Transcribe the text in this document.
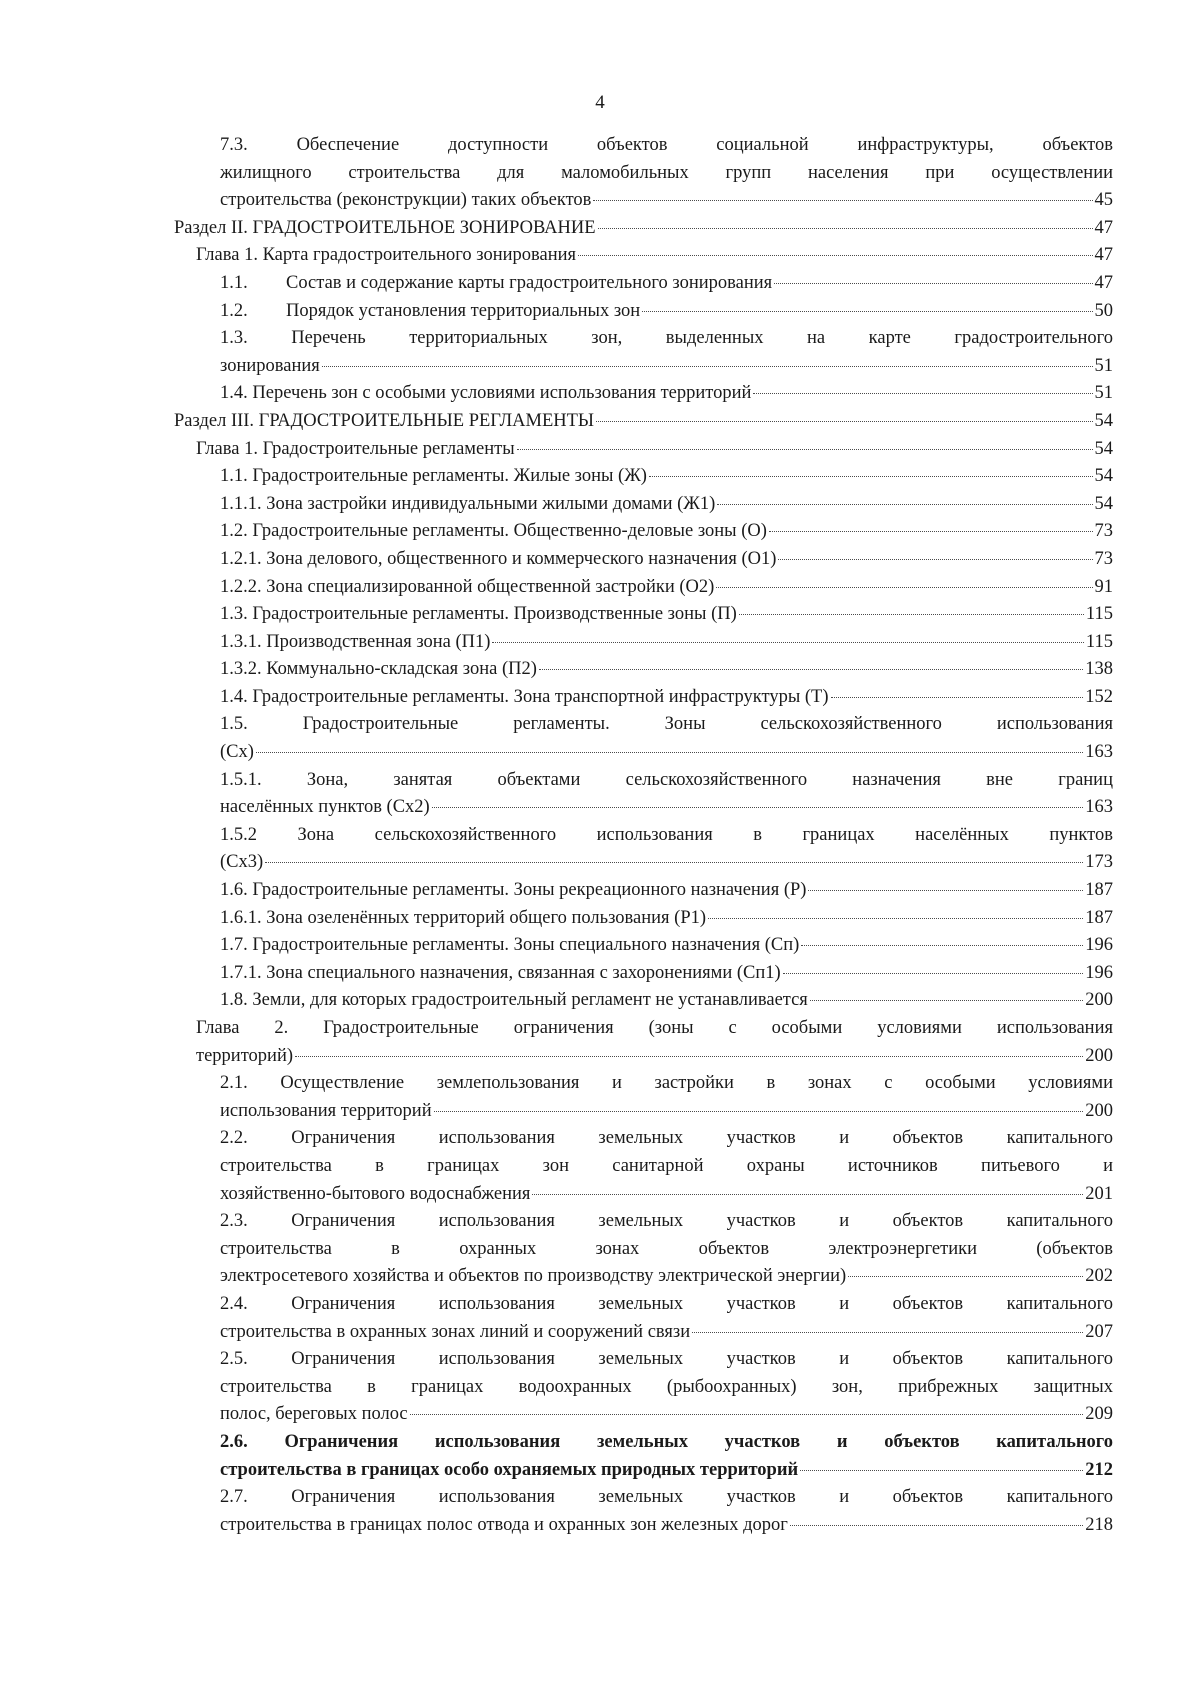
4
7.3. Обеспечение доступности объектов социальной инфраструктуры, объектов
жилищного строительства для маломобильных групп населения при осуществлении
строительства (реконструкции) таких объектов	45
Раздел II. ГРАДОСТРОИТЕЛЬНОЕ ЗОНИРОВАНИЕ	47
Глава 1. Карта градостроительного зонирования	47
1.1.	Состав и содержание карты градостроительного зонирования	47
1.2.	Порядок установления территориальных зон	50
1.3. Перечень территориальных зон, выделенных на карте градостроительного
зонирования	51
1.4. Перечень зон с особыми условиями использования территорий	51
Раздел III. ГРАДОСТРОИТЕЛЬНЫЕ РЕГЛАМЕНТЫ	54
Глава 1. Градостроительные регламенты	54
1.1. Градостроительные регламенты. Жилые зоны (Ж)	54
1.1.1. Зона застройки индивидуальными жилыми домами (Ж1)	54
1.2. Градостроительные регламенты. Общественно-деловые зоны (О)	73
1.2.1. Зона делового, общественного и коммерческого назначения (О1)	73
1.2.2. Зона специализированной общественной застройки (О2)	91
1.3. Градостроительные регламенты. Производственные зоны (П)	115
1.3.1. Производственная зона (П1)	115
1.3.2. Коммунально-складская зона (П2)	138
1.4. Градостроительные регламенты. Зона транспортной инфраструктуры (Т)	152
1.5. Градостроительные регламенты. Зоны сельскохозяйственного использования
(Сх)	163
1.5.1. Зона, занятая объектами сельскохозяйственного назначения вне границ
населённых пунктов (Сх2)	163
1.5.2 Зона сельскохозяйственного использования в границах населённых пунктов
(Сх3)	173
1.6. Градостроительные регламенты. Зоны рекреационного назначения (Р)	187
1.6.1. Зона озеленённых территорий общего пользования (Р1)	187
1.7. Градостроительные регламенты. Зоны специального назначения (Сп)	196
1.7.1. Зона специального назначения, связанная с захоронениями (Сп1)	196
1.8. Земли, для которых градостроительный регламент не устанавливается	200
Глава 2. Градостроительные ограничения (зоны с особыми условиями использования
территорий)	200
2.1. Осуществление землепользования и застройки в зонах с особыми условиями
использования территорий	200
2.2. Ограничения использования земельных участков и объектов капитального
строительства в границах зон санитарной охраны источников питьевого и
хозяйственно-бытового водоснабжения	201
2.3. Ограничения использования земельных участков и объектов капитального
строительства в охранных зонах объектов электроэнергетики (объектов
электросетевого хозяйства и объектов по производству электрической энергии)	202
2.4. Ограничения использования земельных участков и объектов капитального
строительства в охранных зонах линий и сооружений связи	207
2.5. Ограничения использования земельных участков и объектов капитального
строительства в границах водоохранных (рыбоохранных) зон, прибрежных защитных
полос, береговых полос	209
2.6. Ограничения использования земельных участков и объектов капитального
строительства в границах особо охраняемых природных территорий	212
2.7. Ограничения использования земельных участков и объектов капитального
строительства в границах полос отвода и охранных зон железных дорог	218
